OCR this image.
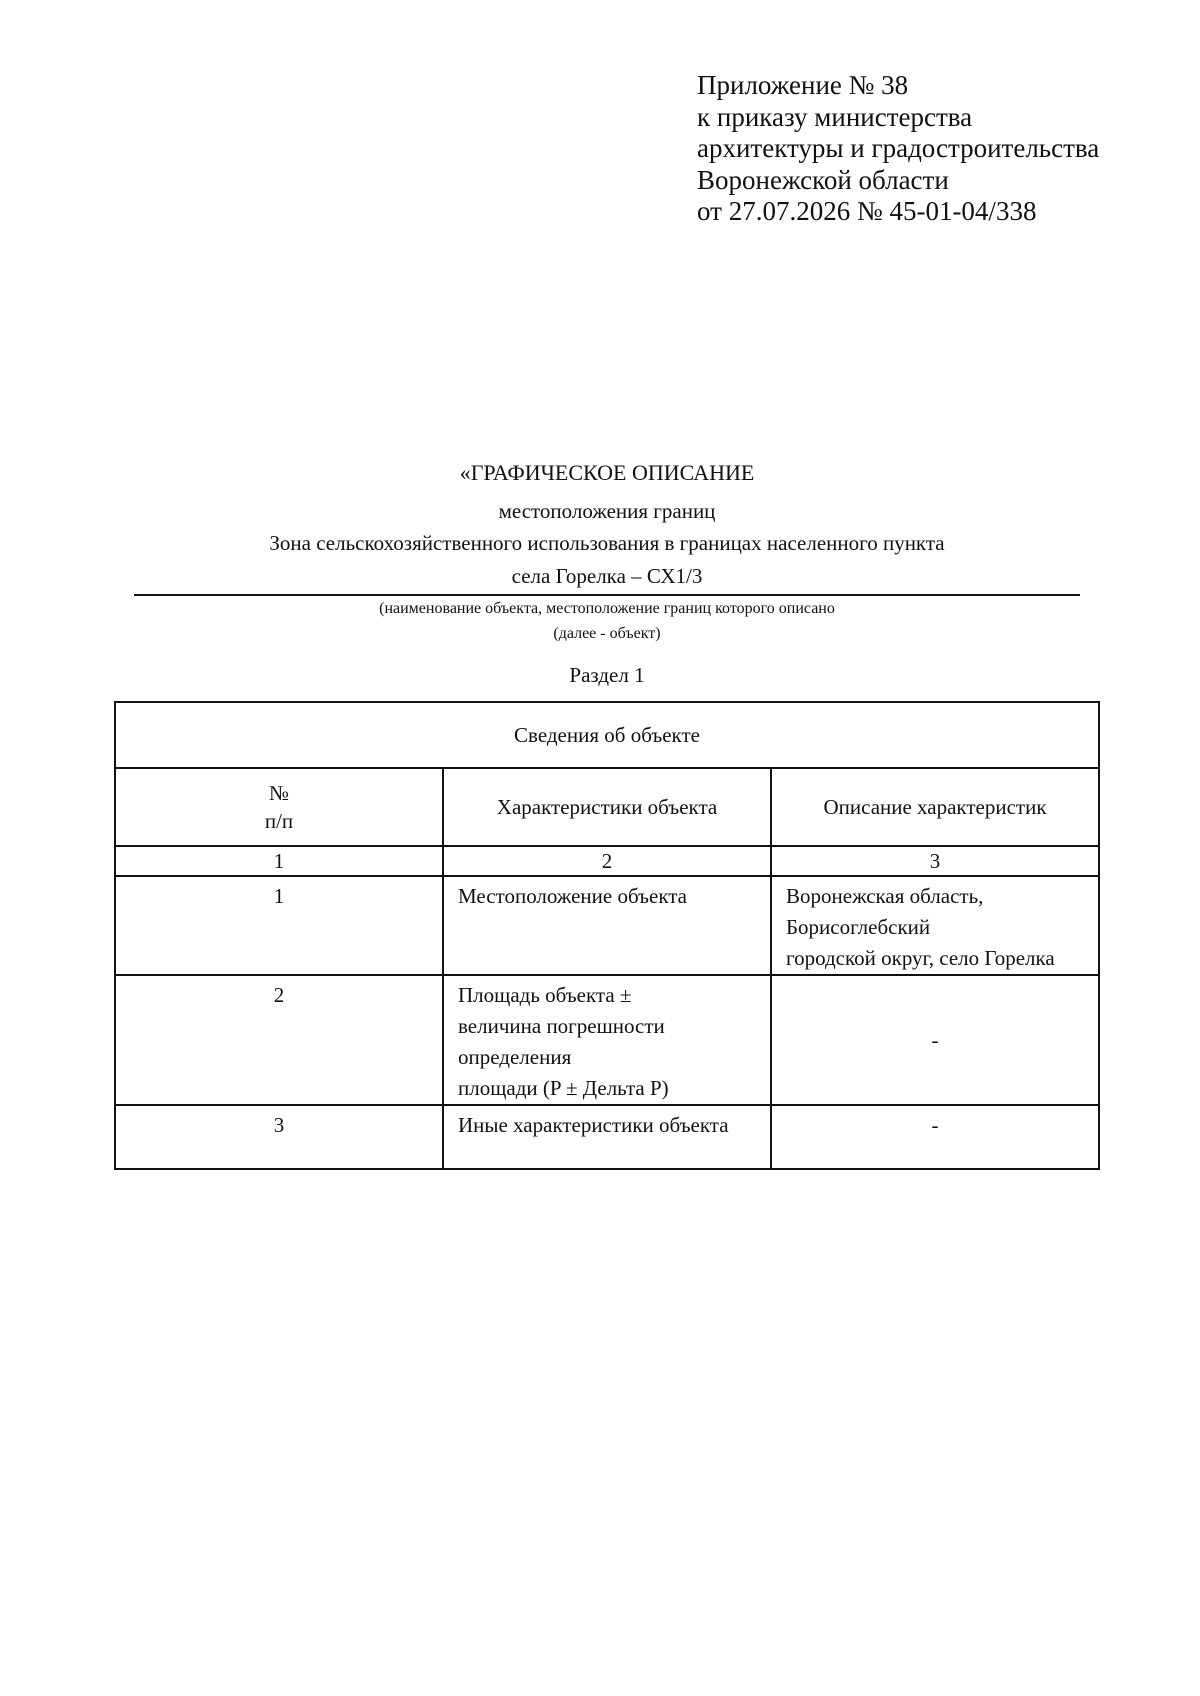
Приложение № 38
к приказу министерства
архитектуры и градостроительства
Воронежской области
от 27.07.2026 № 45-01-04/338
«ГРАФИЧЕСКОЕ ОПИСАНИЕ
местоположения границ
Зона сельскохозяйственного использования в границах населенного пункта
села Горелка – СХ1/3
(наименование объекта, местоположение границ которого описано
(далее - объект)
Раздел 1
Сведения об объекте		

№
п/п	Характеристики объекта	Описание характеристик
1	2	3
1	Местоположение объекта	Воронежская область, Борисоглебский
городской округ, село Горелка

2	Площадь объекта ±
величина погрешности определения
площади (P ± Дельта P)	-
3	Иные характеристики объекта	-
